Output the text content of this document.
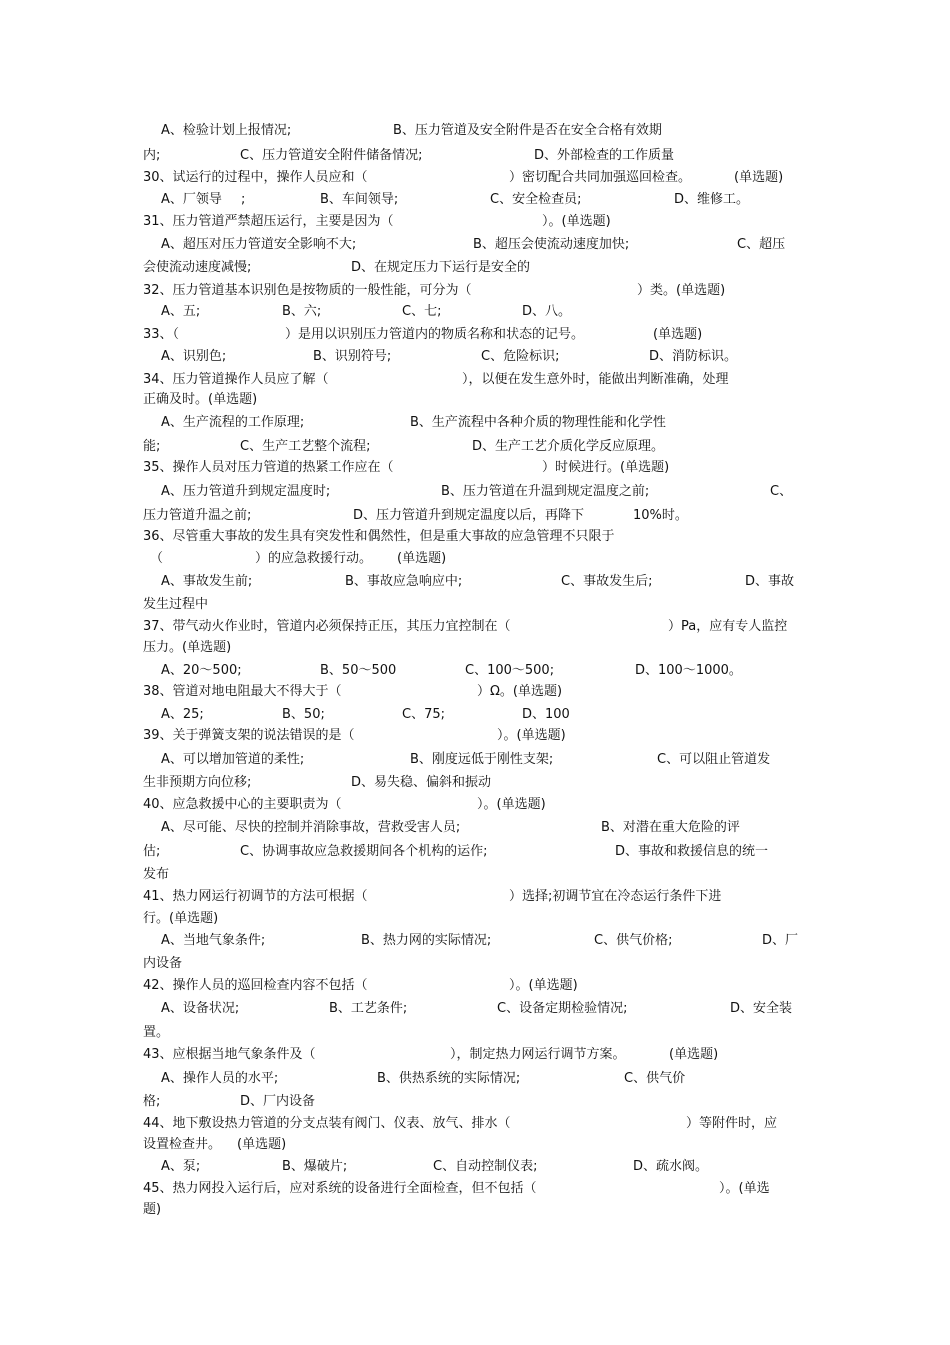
A、检验计划上报情况;	B、压力管道及安全附件是否在安全合格有效期
内;	C、压力管道安全附件储备情况;	D、外部检查的工作质量
30、试运行的过程中，操作人员应和（	）密切配合共同加强巡回检查。	(单选题)
A、厂领导 ;	B、车间领导;	C、安全检查员;	D、维修工。
31、压力管道严禁超压运行，主要是因为（	）。(单选题)
A、超压对压力管道安全影响不大;	B、超压会使流动速度加快;	C、超压
会使流动速度减慢;	D、在规定压力下运行是安全的
32、压力管道基本识别色是按物质的一般性能，可分为（	）类。(单选题)
A、五;	B、六;	C、七;	D、八。
33、（	）是用以识别压力管道内的物质名称和状态的记号。	(单选题)
A、识别色;	B、识别符号;	C、危险标识;	D、消防标识。
34、压力管道操作人员应了解（	），以便在发生意外时，能做出判断准确，处理
正确及时。(单选题)
A、生产流程的工作原理;	B、生产流程中各种介质的物理性能和化学性
能;	C、生产工艺整个流程;	D、生产工艺介质化学反应原理。
35、操作人员对压力管道的热紧工作应在（	）时候进行。(单选题)
A、压力管道升到规定温度时;	B、压力管道在升温到规定温度之前;	C、
压力管道升温之前;	D、压力管道升到规定温度以后，再降下	10%时。
36、尽管重大事故的发生具有突发性和偶然性，但是重大事故的应急管理不只限于
（	）的应急救援行动。 (单选题)
A、事故发生前;	B、事故应急响应中;	C、事故发生后;	D、事故
发生过程中
37、带气动火作业时，管道内必须保持正压，其压力宜控制在（	）Pa，应有专人监控
压力。(单选题)
A、20～500;	B、50～500	C、100～500;	D、100～1000。
38、管道对地电阻最大不得大于（	）Ω。(单选题)
A、25;	B、50;	C、75;	D、100
39、关于弹簧支架的说法错误的是（	）。(单选题)
A、可以增加管道的柔性;	B、刚度远低于刚性支架;	C、可以阻止管道发
生非预期方向位移;	D、易失稳、偏斜和振动
40、应急救援中心的主要职责为（	）。(单选题)
A、尽可能、尽快的控制并消除事故，营救受害人员;	B、对潜在重大危险的评
估;	C、协调事故应急救援期间各个机构的运作;	D、事故和救援信息的统一
发布
41、热力网运行初调节的方法可根据（	）选择;初调节宜在冷态运行条件下进
行。(单选题)
A、当地气象条件;	B、热力网的实际情况;	C、供气价格;	D、厂
内设备
42、操作人员的巡回检查内容不包括（	）。(单选题)
A、设备状况;	B、工艺条件;	C、设备定期检验情况;	D、安全装
置。
43、应根据当地气象条件及（	），制定热力网运行调节方案。	(单选题)
A、操作人员的水平;	B、供热系统的实际情况;	C、供气价
格;	D、厂内设备
44、地下敷设热力管道的分支点装有阀门、仪表、放气、排水（	）等附件时，应
设置检查井。 (单选题)
A、泵;	B、爆破片;	C、自动控制仪表;	D、疏水阀。
45、热力网投入运行后，应对系统的设备进行全面检查，但不包括（	）。(单选
题)
